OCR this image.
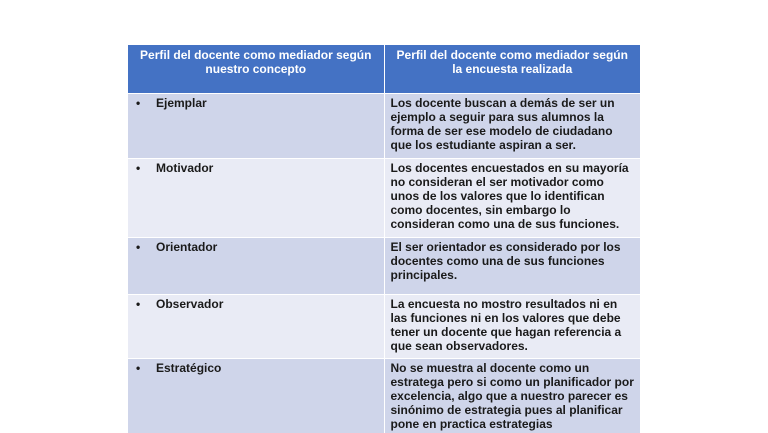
Perfil del docente como mediador según nuestro concepto	Perfil del docente como mediador según la encuesta realizada
• Ejemplar	Los docente buscan a demás de ser un ejemplo a seguir para sus alumnos la forma de ser ese modelo de ciudadano que los estudiante aspiran a ser.
• Motivador	Los docentes encuestados en su mayoría no consideran el ser motivador como unos de los valores que lo identifican como docentes, sin embargo lo consideran como una de sus funciones.
• Orientador	El ser orientador es considerado por los docentes como una de sus funciones principales.
• Observador	La encuesta no mostro resultados ni en las funciones ni en los valores que debe tener un docente que hagan referencia a que sean observadores.
• Estratégico	No se muestra al docente como un estratega pero si como un planificador por excelencia, algo que a nuestro parecer es sinónimo de estrategia pues al planificar pone en practica estrategias
